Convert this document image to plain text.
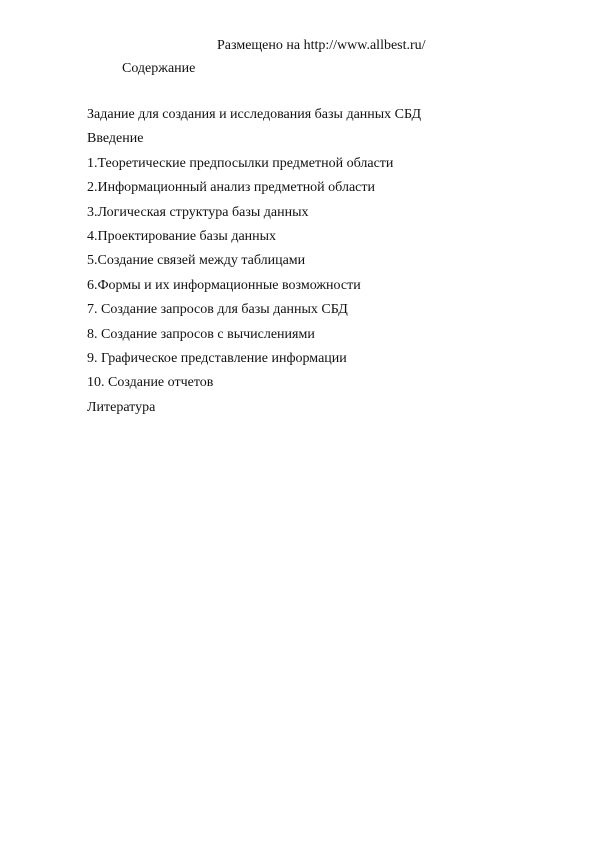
Размещено на http://www.allbest.ru/
Содержание
Задание для создания и исследования базы данных СБД
Введение
1.Теоретические предпосылки предметной области
2.Информационный анализ предметной области
3.Логическая структура базы данных
4.Проектирование базы данных
5.Создание связей между таблицами
6.Формы и их информационные возможности
7. Создание запросов для базы данных СБД
8. Создание запросов с вычислениями
9. Графическое представление информации
10. Создание отчетов
Литература
